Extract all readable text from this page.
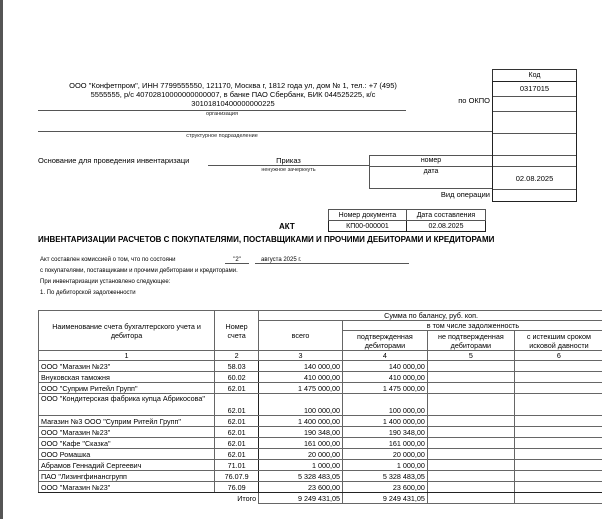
ООО "Конфетпром", ИНН 7799555550, 121170, Москва г, 1812 года ул, дом № 1, тел.: +7 (495)
5555555, р/с 40702810000000000007, в банке ПАО Сбербанк, БИК 044525225, к/с
30101810400000000225
организация
по ОКПО
структурное подразделение
Основание для проведения инвентаризаци	Приказ
ненужное зачеркнуть
номер
дата
Вид операции
Код
0317015
02.08.2025
Номер документа	Дата составления
КП00-000001	02.08.2025
АКТ
ИНВЕНТАРИЗАЦИИ РАСЧЕТОВ С ПОКУПАТЕЛЯМИ, ПОСТАВЩИКАМИ И ПРОЧИМИ ДЕБИТОРАМИ И КРЕДИТОРАМИ
Акт составлен комиссией о том, что по состояни	"2"	августа 2025 г.
с покупателями, поставщиками и прочими дебиторами и кредиторами.
При инвентаризации установлено следующее:
1. По дебиторской задолженности
Наименование счета бухгалтерского учета и дебитора	Номер счета	Сумма по балансу, руб. коп.			
		всего	в том числе задолженность		
			подтвержденная дебиторами	не подтвержденная дебиторами	с истекшим сроком исковой давности
1	2	3	4	5	6
ООО "Магазин №23"	58.03	140 000,00	140 000,00		
Внуковская таможня	60.02	410 000,00	410 000,00		
ООО "Суприм Ритейл Групп"	62.01	1 475 000,00	1 475 000,00		
ООО "Кондитерская фабрика купца Абрикосова"	62.01	100 000,00	100 000,00		
Магазин №3 ООО "Суприм Ритейл Групп"	62.01	1 400 000,00	1 400 000,00		
ООО "Магазин №23"	62.01	190 348,00	190 348,00		
ООО "Кафе "Сказка"	62.01	161 000,00	161 000,00		
ООО Ромашка	62.01	20 000,00	20 000,00		
Абрамов Геннадий Сергеевич	71.01	1 000,00	1 000,00		
ПАО "Лизингфинансгрупп	76.07.9	5 328 483,05	5 328 483,05		
ООО "Магазин №23"	76.09	23 600,00	23 600,00		
	Итого	9 249 431,05	9 249 431,05		
